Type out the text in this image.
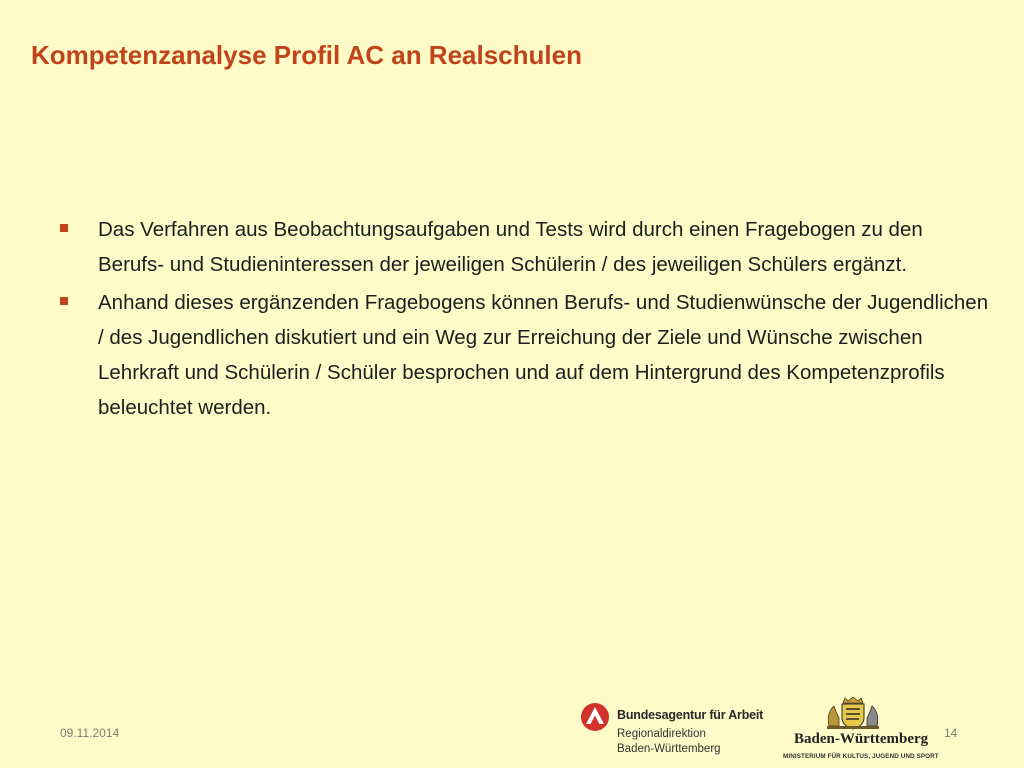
Kompetenzanalyse Profil AC an Realschulen
Das Verfahren aus Beobachtungsaufgaben und Tests wird durch einen Fragebogen zu den Berufs- und Studieninteressen der jeweiligen Schülerin / des jeweiligen Schülers ergänzt.
Anhand dieses ergänzenden Fragebogens können Berufs- und Studienwünsche der Jugendlichen / des Jugendlichen diskutiert und ein Weg zur Erreichung der Ziele und Wünsche zwischen Lehrkraft und Schülerin / Schüler besprochen und auf dem Hintergrund des Kompetenzprofils beleuchtet werden.
09.11.2014
Bundesagentur für Arbeit
Regionaldirektion
Baden-Württemberg
Baden-Württemberg
MINISTERIUM FÜR KULTUS, JUGEND UND SPORT
14
